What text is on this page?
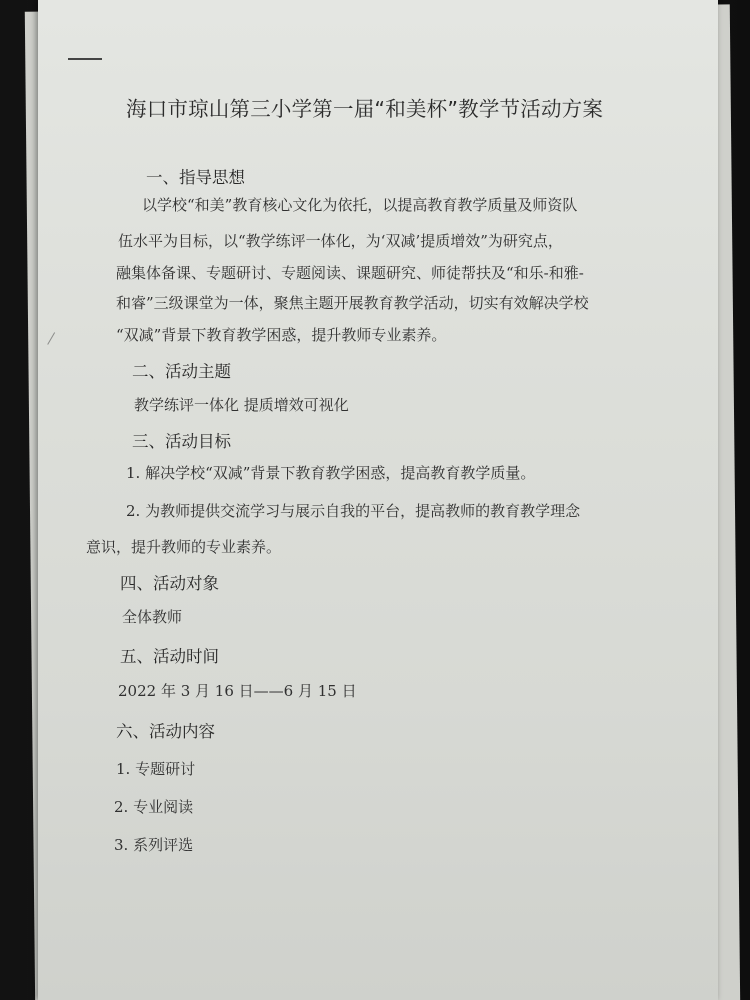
海口市琼山第三小学第一届“和美杯”教学节活动方案
一、指导思想
以学校“和美”教育核心文化为依托，以提高教育教学质量及师资队
伍水平为目标，以“教学练评一体化，为‘双减’提质增效”为研究点，
融集体备课、专题研讨、专题阅读、课题研究、师徒帮扶及“和乐-和雅-
和睿”三级课堂为一体，聚焦主题开展教育教学活动，切实有效解决学校
“双减”背景下教育教学困惑，提升教师专业素养。
二、活动主题
教学练评一体化 提质增效可视化
三、活动目标
1. 解决学校“双减”背景下教育教学困惑，提高教育教学质量。
2. 为教师提供交流学习与展示自我的平台，提高教师的教育教学理念
意识，提升教师的专业素养。
四、活动对象
全体教师
五、活动时间
2022 年 3 月 16 日——6 月 15 日
六、活动内容
1. 专题研讨
2. 专业阅读
3. 系列评选
